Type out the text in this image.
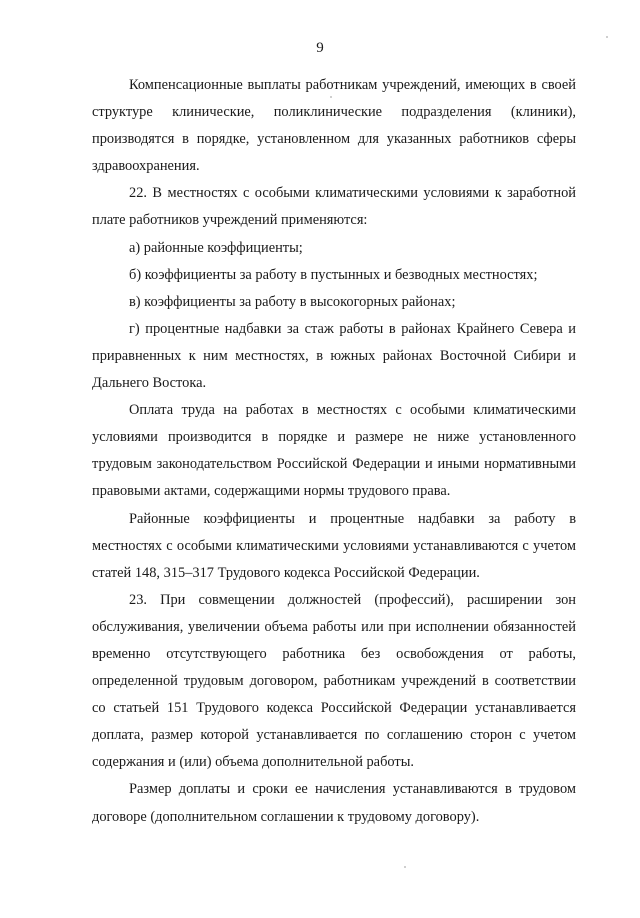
9

Компенсационные выплаты работникам учреждений, имеющих в своей структуре клинические, поликлинические подразделения (клиники), производятся в порядке, установленном для указанных работников сферы здравоохранения.

22. В местностях с особыми климатическими условиями к заработной плате работников учреждений применяются:

а) районные коэффициенты;

б) коэффициенты за работу в пустынных и безводных местностях;

в) коэффициенты за работу в высокогорных районах;

г) процентные надбавки за стаж работы в районах Крайнего Севера и приравненных к ним местностях, в южных районах Восточной Сибири и Дальнего Востока.

Оплата труда на работах в местностях с особыми климатическими условиями производится в порядке и размере не ниже установленного трудовым законодательством Российской Федерации и иными нормативными правовыми актами, содержащими нормы трудового права.

Районные коэффициенты и процентные надбавки за работу в местностях с особыми климатическими условиями устанавливаются с учетом статей 148, 315–317 Трудового кодекса Российской Федерации.

23. При совмещении должностей (профессий), расширении зон обслуживания, увеличении объема работы или при исполнении обязанностей временно отсутствующего работника без освобождения от работы, определенной трудовым договором, работникам учреждений в соответствии со статьей 151 Трудового кодекса Российской Федерации устанавливается доплата, размер которой устанавливается по соглашению сторон с учетом содержания и (или) объема дополнительной работы.

Размер доплаты и сроки ее начисления устанавливаются в трудовом договоре (дополнительном соглашении к трудовому договору).
